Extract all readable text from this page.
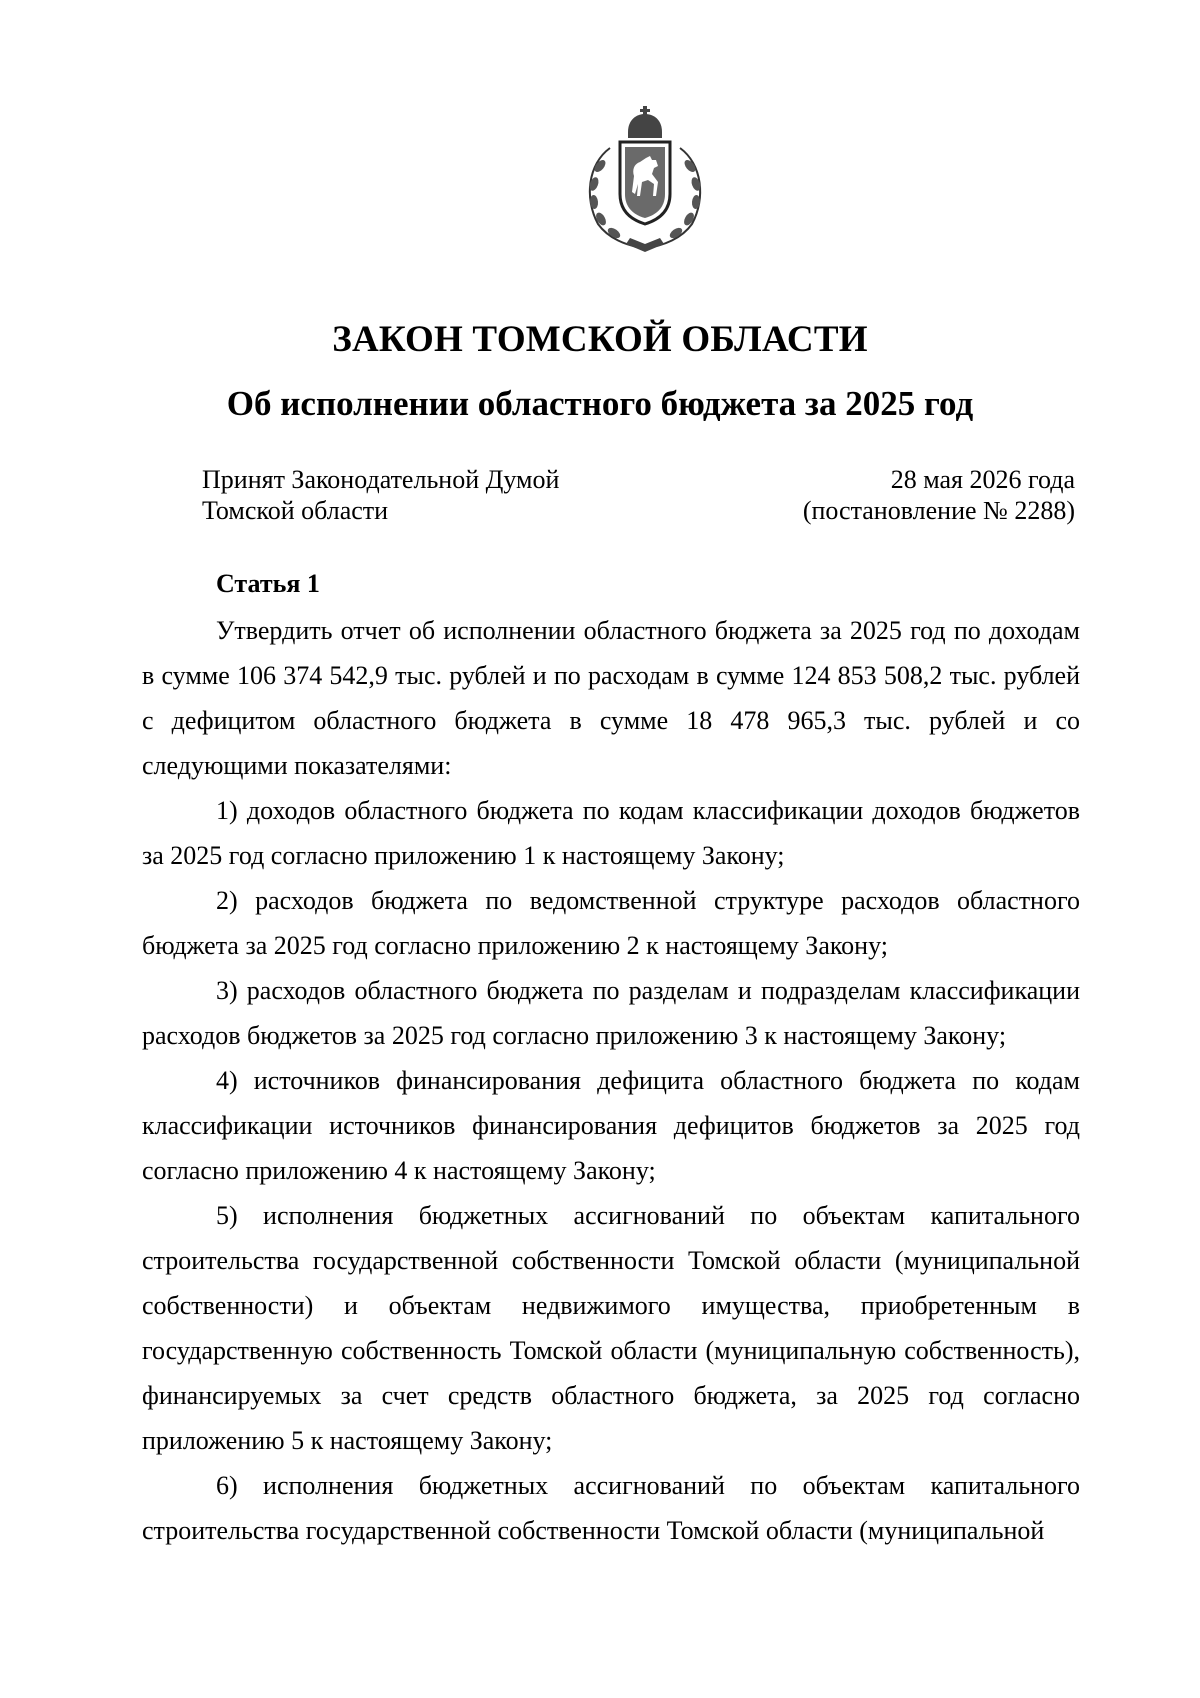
ЗАКОН ТОМСКОЙ ОБЛАСТИ
Об исполнении областного бюджета за 2025 год
Принят Законодательной Думой
Томской области
28 мая 2026 года
(постановление № 2288)
Статья 1

Утвердить отчет об исполнении областного бюджета за 2025 год по доходам в сумме 106 374 542,9 тыс. рублей и по расходам в сумме 124 853 508,2 тыс. рублей с дефицитом областного бюджета в сумме 18 478 965,3 тыс. рублей и со следующими показателями:

1) доходов областного бюджета по кодам классификации доходов бюджетов за 2025 год согласно приложению 1 к настоящему Закону;

2) расходов бюджета по ведомственной структуре расходов областного бюджета за 2025 год согласно приложению 2 к настоящему Закону;

3) расходов областного бюджета по разделам и подразделам классификации расходов бюджетов за 2025 год согласно приложению 3 к настоящему Закону;

4) источников финансирования дефицита областного бюджета по кодам классификации источников финансирования дефицитов бюджетов за 2025 год согласно приложению 4 к настоящему Закону;

5) исполнения бюджетных ассигнований по объектам капитального строительства государственной собственности Томской области (муниципальной собственности) и объектам недвижимого имущества, приобретенным в государственную собственность Томской области (муниципальную собственность), финансируемых за счет средств областного бюджета, за 2025 год согласно приложению 5 к настоящему Закону;

6) исполнения бюджетных ассигнований по объектам капитального строительства государственной собственности Томской области (муниципальной
